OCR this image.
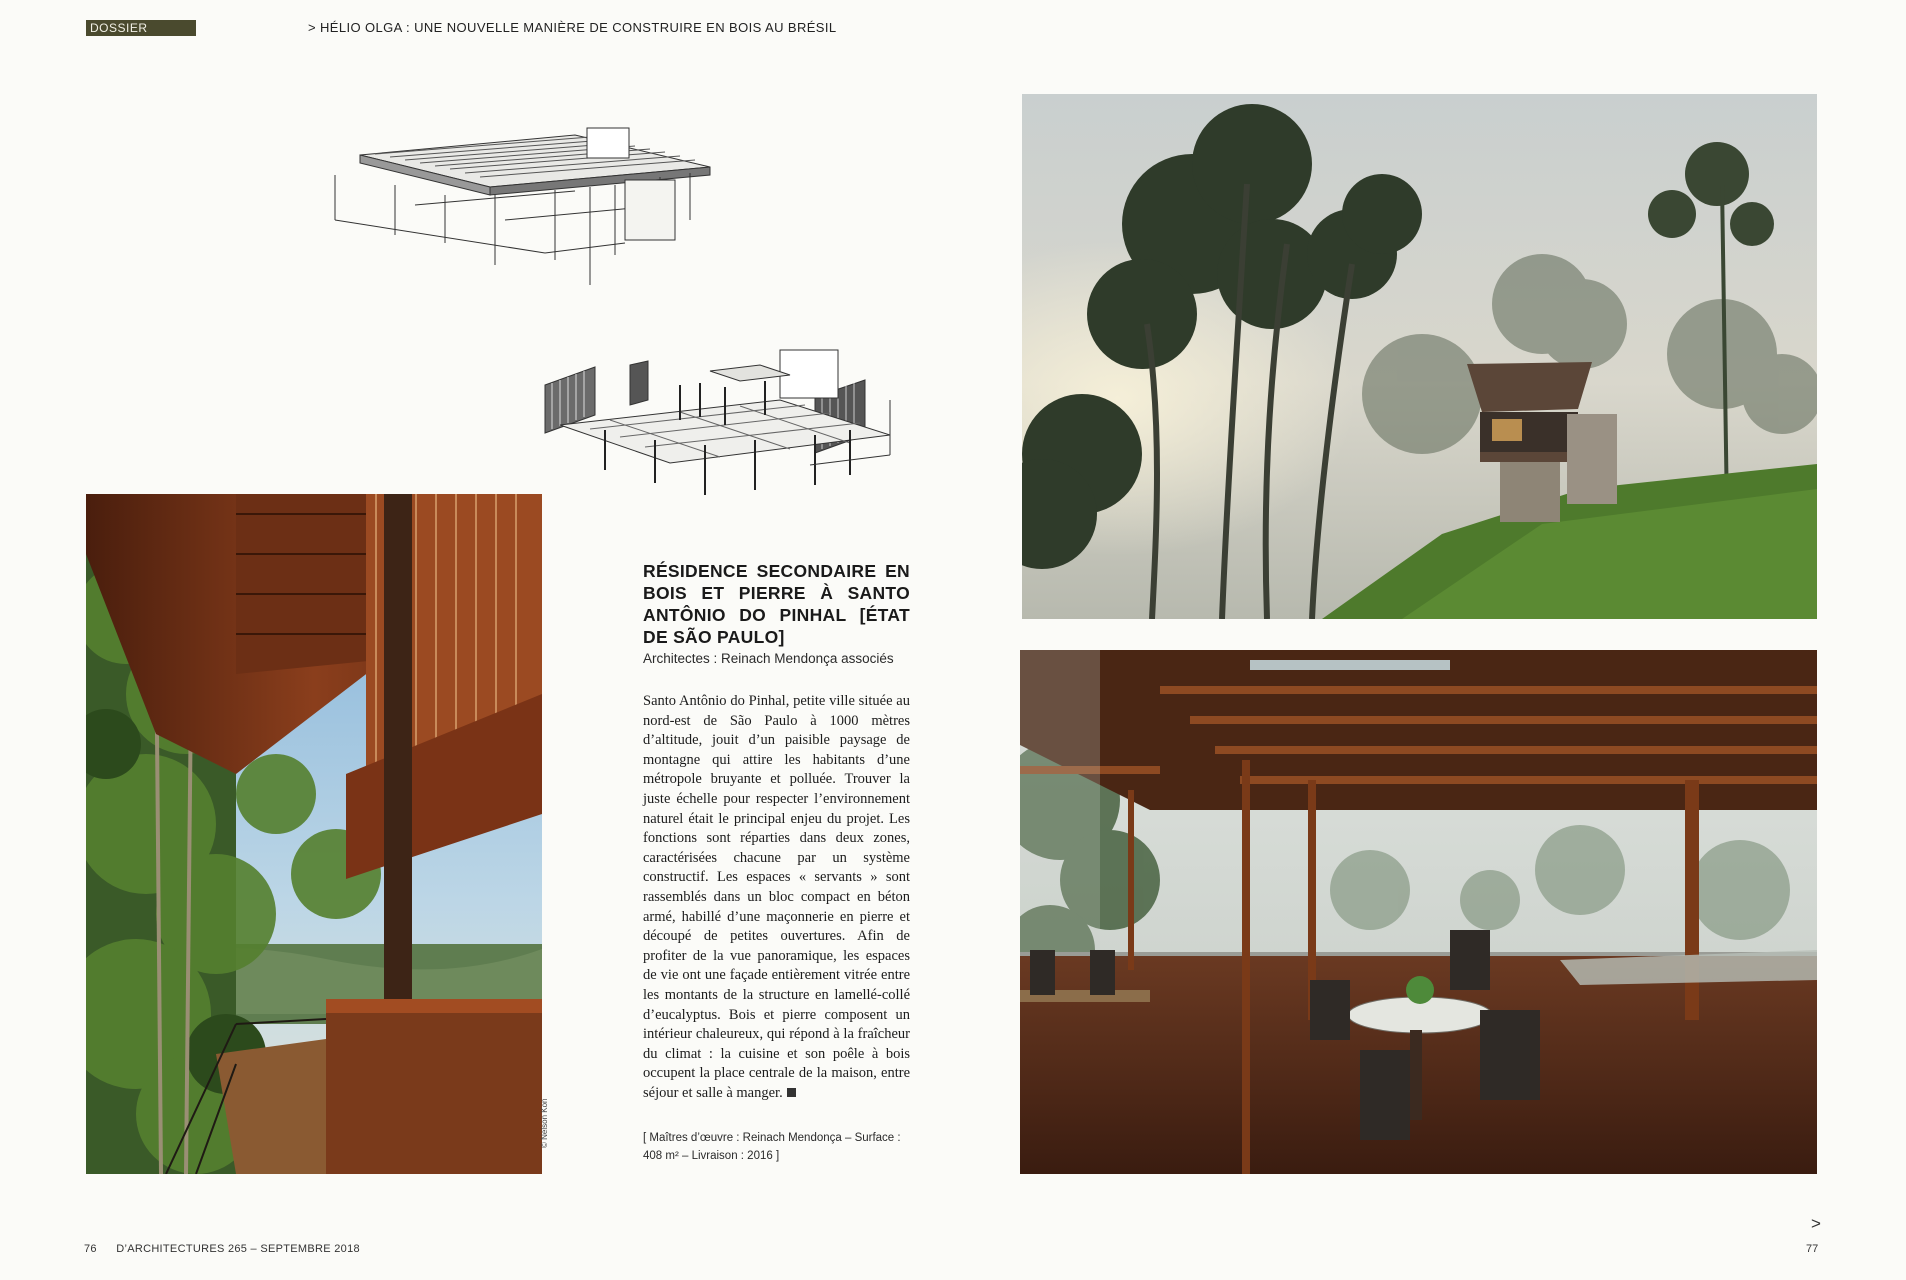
DOSSIER	> HÉLIO OLGA : UNE NOUVELLE MANIÈRE DE CONSTRUIRE EN BOIS AU BRÉSIL
© Nelson Kon
RÉSIDENCE SECONDAIRE EN BOIS ET PIERRE À SANTO ANTÔNIO DO PINHAL [ÉTAT DE SÃO PAULO]
Architectes : Reinach Mendonça associés
Santo Antônio do Pinhal, petite ville située au nord-est de São Paulo à 1000 mètres d’altitude, jouit d’un paisible paysage de montagne qui attire les habitants d’une métropole bruyante et polluée. Trouver la juste échelle pour respecter l’environnement naturel était le principal enjeu du projet. Les fonctions sont réparties dans deux zones, caractérisées chacune par un système constructif. Les espaces « servants » sont rassemblés dans un bloc compact en béton armé, habillé d’une maçonnerie en pierre et découpé de petites ouvertures. Afin de profiter de la vue panoramique, les espaces de vie ont une façade entièrement vitrée entre les montants de la structure en lamellé-collé d’eucalyptus. Bois et pierre composent un intérieur chaleureux, qui répond à la fraîcheur du climat : la cuisine et son poêle à bois occupent la place centrale de la maison, entre séjour et salle à manger.
[ Maîtres d’œuvre : Reinach Mendonça – Surface : 408 m² – Livraison : 2016 ]
76 D’ARCHITECTURES 265 – SEPTEMBRE 2018
>
77
